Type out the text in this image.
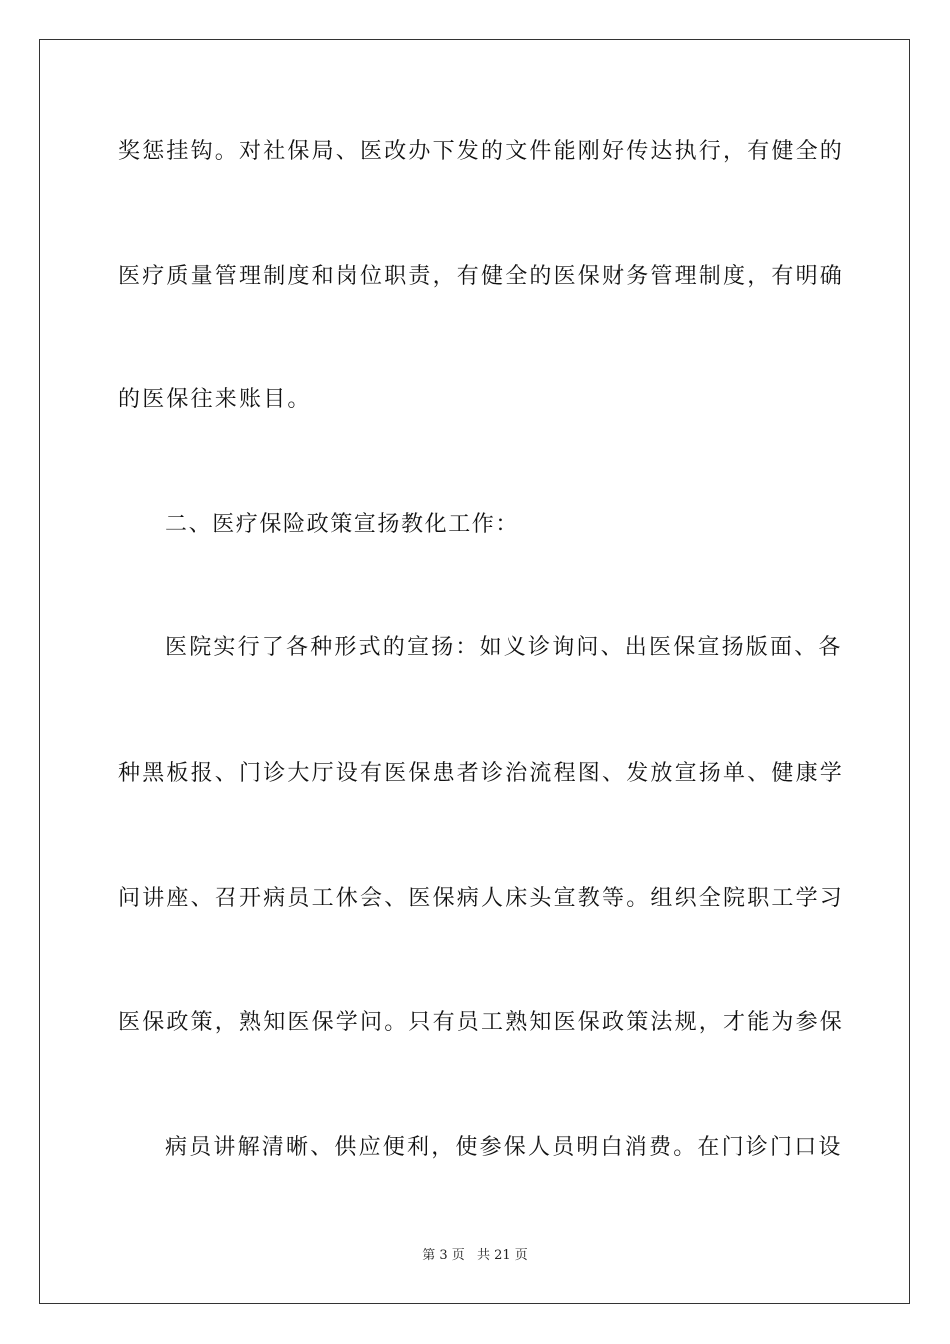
奖惩挂钩。对社保局、医改办下发的文件能刚好传达执行，有健全的
医疗质量管理制度和岗位职责，有健全的医保财务管理制度，有明确
的医保往来账目。
二、医疗保险政策宣扬教化工作：
医院实行了各种形式的宣扬：如义诊询问、出医保宣扬版面、各
种黑板报、门诊大厅设有医保患者诊治流程图、发放宣扬单、健康学
问讲座、召开病员工休会、医保病人床头宣教等。组织全院职工学习
医保政策，熟知医保学问。只有员工熟知医保政策法规，才能为参保
病员讲解清晰、供应便利，使参保人员明白消费。在门诊门口设
第 3 页 共 21 页
